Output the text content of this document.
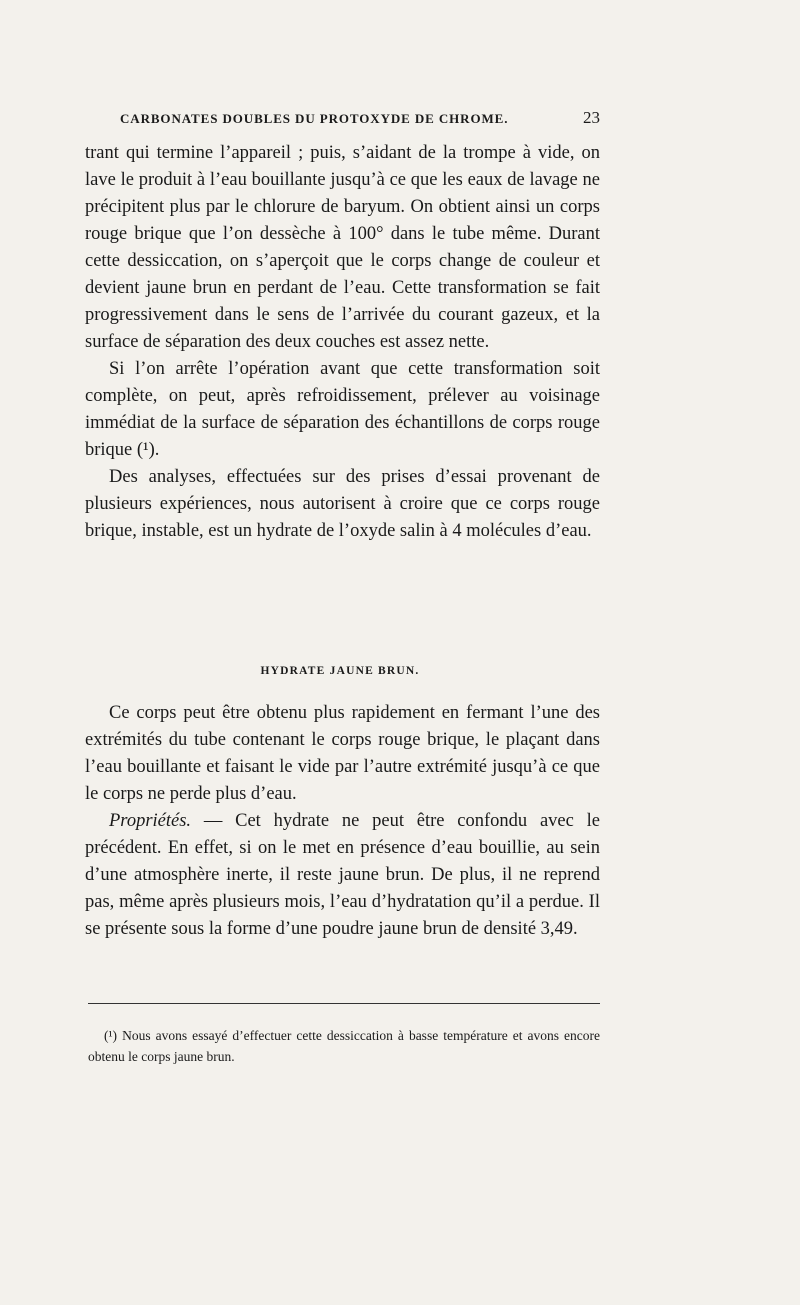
CARBONATES DOUBLES DU PROTOXYDE DE CHROME.	23

trant qui termine l’appareil ; puis, s’aidant de la trompe à vide, on lave le produit à l’eau bouillante jusqu’à ce que les eaux de lavage ne précipitent plus par le chlorure de baryum. On obtient ainsi un corps rouge brique que l’on dessèche à 100° dans le tube même. Durant cette dessiccation, on s’aperçoit que le corps change de couleur et devient jaune brun en perdant de l’eau. Cette transformation se fait progressivement dans le sens de l’arrivée du courant gazeux, et la surface de séparation des deux couches est assez nette.

Si l’on arrête l’opération avant que cette transformation soit complète, on peut, après refroidissement, prélever au voisinage immédiat de la surface de séparation des échantillons de corps rouge brique (¹).

Des analyses, effectuées sur des prises d’essai provenant de plusieurs expériences, nous autorisent à croire que ce corps rouge brique, instable, est un hydrate de l’oxyde salin à 4 molécules d’eau.

HYDRATE JAUNE BRUN.

Ce corps peut être obtenu plus rapidement en fermant l’une des extrémités du tube contenant le corps rouge brique, le plaçant dans l’eau bouillante et faisant le vide par l’autre extrémité jusqu’à ce que le corps ne perde plus d’eau.

Propriétés. — Cet hydrate ne peut être confondu avec le précédent. En effet, si on le met en présence d’eau bouillie, au sein d’une atmosphère inerte, il reste jaune brun. De plus, il ne reprend pas, même après plusieurs mois, l’eau d’hydratation qu’il a perdue. Il se présente sous la forme d’une poudre jaune brun de densité 3,49.

(¹) Nous avons essayé d’effectuer cette dessiccation à basse température et avons encore obtenu le corps jaune brun.
